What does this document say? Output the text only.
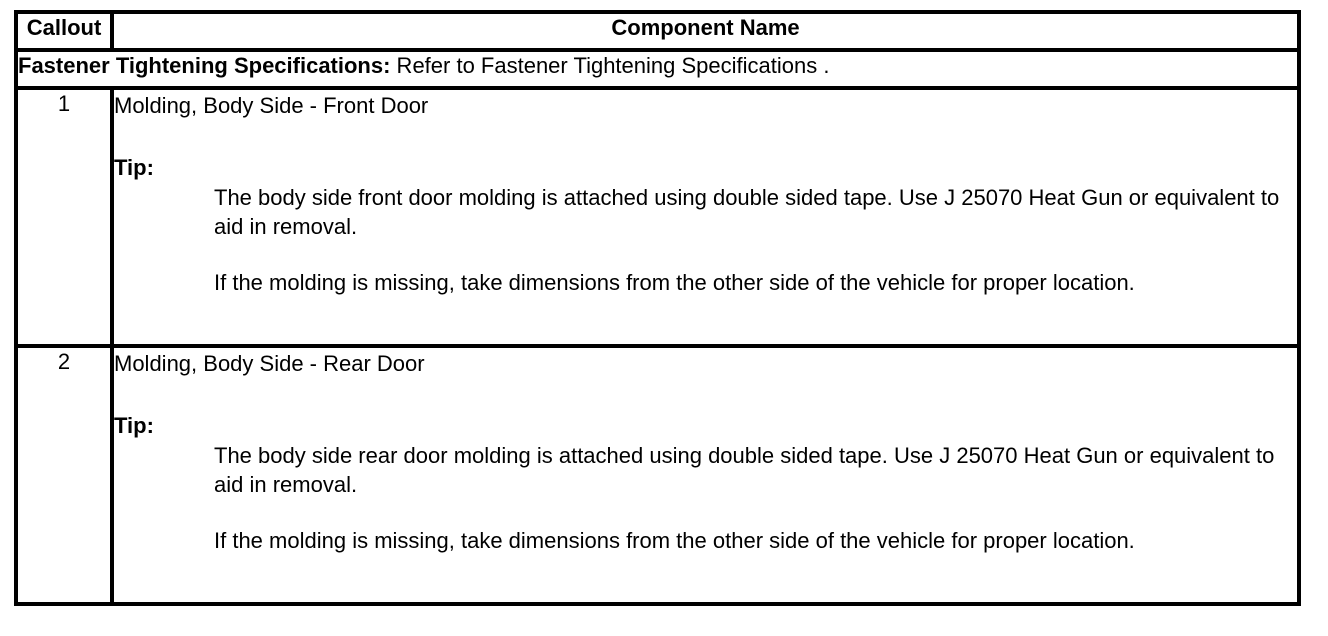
Callout	Component Name
Fastener Tightening Specifications: Refer to Fastener Tightening Specifications .	
1	Molding, Body Side - Front Door
Tip:

The body side front door molding is attached using double sided tape. Use J 25070 Heat Gun or equivalent to aid in removal.

If the molding is missing, take dimensions from the other side of the vehicle for proper location.

2	Molding, Body Side - Rear Door
Tip:

The body side rear door molding is attached using double sided tape. Use J 25070 Heat Gun or equivalent to aid in removal.

If the molding is missing, take dimensions from the other side of the vehicle for proper location.
